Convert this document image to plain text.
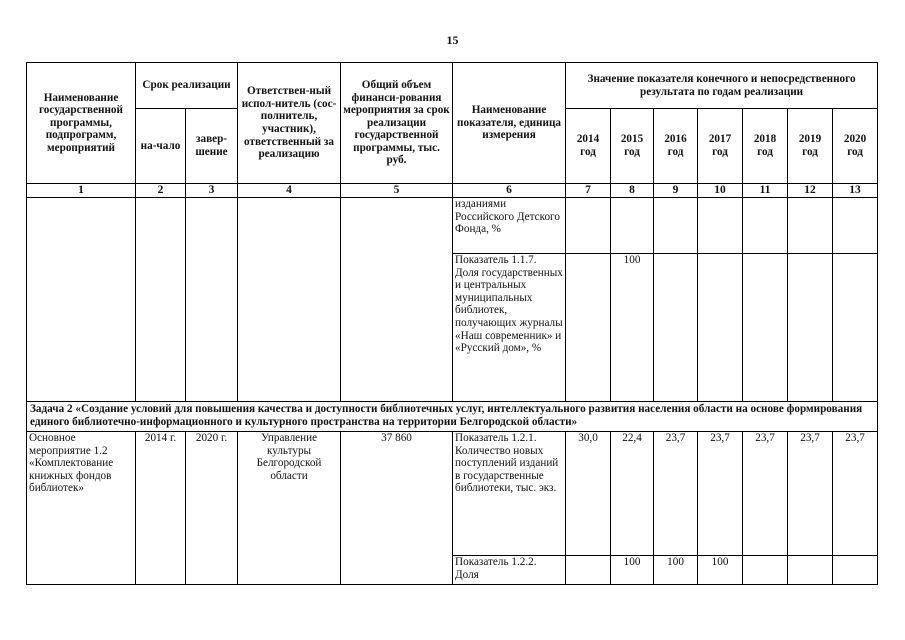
15
Наименование государственной программы, подпрограмм, мероприятий	Срок реализации		Ответствен-ный испол-нитель (сос-полнитель, участник), ответственный за реализацию	Общий объем финанси-рования мероприятия за срок реализации государственной программы, тыс. руб.	Наименование показателя, единица измерения	Значение показателя конечного и непосредственного результата по годам реализации						
	на-чало	завер-шение				2014 год	2015 год	2016 год	2017 год	2018 год	2019 год	2020 год
1	2	3	4	5	6	7	8	9	10	11	12	13
					изданиями Российского Детского Фонда, %							
					Показатель 1.1.7. Доля государственных и центральных муниципальных библиотек, получающих журналы «Наш современник» и «Русский дом», %		100					
Задача 2 «Создание условий для повышения качества и доступности библиотечных услуг, интеллектуального развития населения области на основе формирования единого библиотечно-информационного и культурного пространства на территории Белгородской области»												
Основное мероприятие 1.2 «Комплектование книжных фондов библиотек»	2014 г.	2020 г.	Управление культуры Белгородской области	37 860	Показатель 1.2.1. Количество новых поступлений изданий в государственные библиотеки, тыс. экз.	30,0	22,4	23,7	23,7	23,7	23,7	23,7
					Показатель 1.2.2. Доля		100	100	100			
